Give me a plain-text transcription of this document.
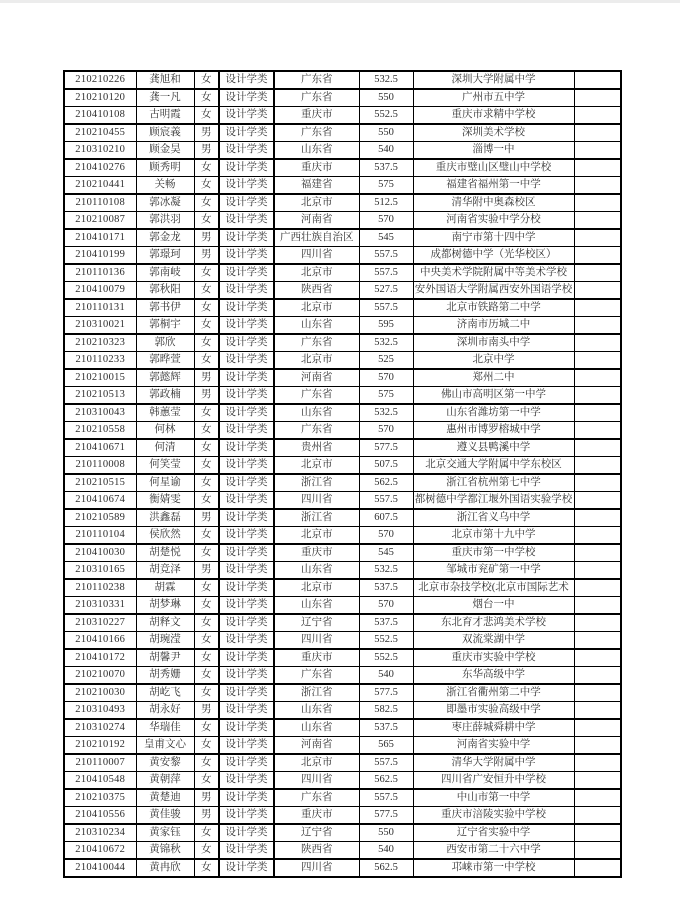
210210226	龚旭和	女	设计学类	广东省	532.5	深圳大学附属中学	
210210120	龚一凡	女	设计学类	广东省	550	广州市五中学	
210410108	古明霞	女	设计学类	重庆市	552.5	重庆市求精中学校	
210210455	顾宸義	男	设计学类	广东省	550	深圳美术学校	
210310210	顾金昊	男	设计学类	山东省	540	淄博一中	
210410276	顾秀明	女	设计学类	重庆市	537.5	重庆市璧山区璧山中学校	
210210441	关畅	女	设计学类	福建省	575	福建省福州第一中学	
210110108	郭冰凝	女	设计学类	北京市	512.5	清华附中奥森校区	
210210087	郭洪羽	女	设计学类	河南省	570	河南省实验中学分校	
210410171	郭金龙	男	设计学类	广西壮族自治区	545	南宁市第十四中学	
210410199	郭璟珂	男	设计学类	四川省	557.5	成都树德中学（光华校区）	
210110136	郭南岐	女	设计学类	北京市	557.5	中央美术学院附属中等美术学校	
210410079	郭秋阳	女	设计学类	陕西省	527.5	安外国语大学附属西安外国语学校	
210110131	郭书伊	女	设计学类	北京市	557.5	北京市铁路第二中学	
210310021	郭桐宇	女	设计学类	山东省	595	济南市历城二中	
210210323	郭欣	女	设计学类	广东省	532.5	深圳市南头中学	
210110233	郭晔萱	女	设计学类	北京市	525	北京中学	
210210015	郭懿辉	男	设计学类	河南省	570	郑州二中	
210210513	郭政楠	男	设计学类	广东省	575	佛山市高明区第一中学	
210310043	韩蕙莹	女	设计学类	山东省	532.5	山东省潍坊第一中学	
210210558	何林	女	设计学类	广东省	570	惠州市博罗榕城中学	
210410671	何清	女	设计学类	贵州省	577.5	遵义县鸭溪中学	
210110008	何笑莹	女	设计学类	北京市	507.5	北京交通大学附属中学东校区	
210210515	何星谕	女	设计学类	浙江省	562.5	浙江省杭州第七中学	
210410674	衡婧雯	女	设计学类	四川省	557.5	都树德中学都江堰外国语实验学校	
210210589	洪鑫磊	男	设计学类	浙江省	607.5	浙江省义乌中学	
210110104	侯欣然	女	设计学类	北京市	570	北京市第十九中学	
210410030	胡楚悦	女	设计学类	重庆市	545	重庆市第一中学校	
210310165	胡竞泽	男	设计学类	山东省	532.5	邹城市兖矿第一中学	
210110238	胡霖	女	设计学类	北京市	537.5	北京市杂技学校(北京市国际艺术	
210310331	胡梦琳	女	设计学类	山东省	570	烟台一中	
210310227	胡释文	女	设计学类	辽宁省	537.5	东北育才悲鸿美术学校	
210410166	胡琬滢	女	设计学类	四川省	552.5	双流棠湖中学	
210410172	胡馨尹	女	设计学类	重庆市	552.5	重庆市实验中学校	
210210070	胡秀姗	女	设计学类	广东省	540	东华高级中学	
210210030	胡屹飞	女	设计学类	浙江省	577.5	浙江省衢州第二中学	
210310493	胡永好	男	设计学类	山东省	582.5	即墨市实验高级中学	
210310274	华瑞佳	女	设计学类	山东省	537.5	枣庄薛城舜耕中学	
210210192	皇甫文心	女	设计学类	河南省	565	河南省实验中学	
210110007	黄安黎	女	设计学类	北京市	557.5	清华大学附属中学	
210410548	黄朝萍	女	设计学类	四川省	562.5	四川省广安恒升中学校	
210210375	黄楚迪	男	设计学类	广东省	557.5	中山市第一中学	
210410556	黄佳骏	男	设计学类	重庆市	577.5	重庆市涪陵实验中学校	
210310234	黄家钰	女	设计学类	辽宁省	550	辽宁省实验中学	
210410672	黄锦秋	女	设计学类	陕西省	540	西安市第二十六中学	
210410044	黄冉欣	女	设计学类	四川省	562.5	邛崃市第一中学校	
